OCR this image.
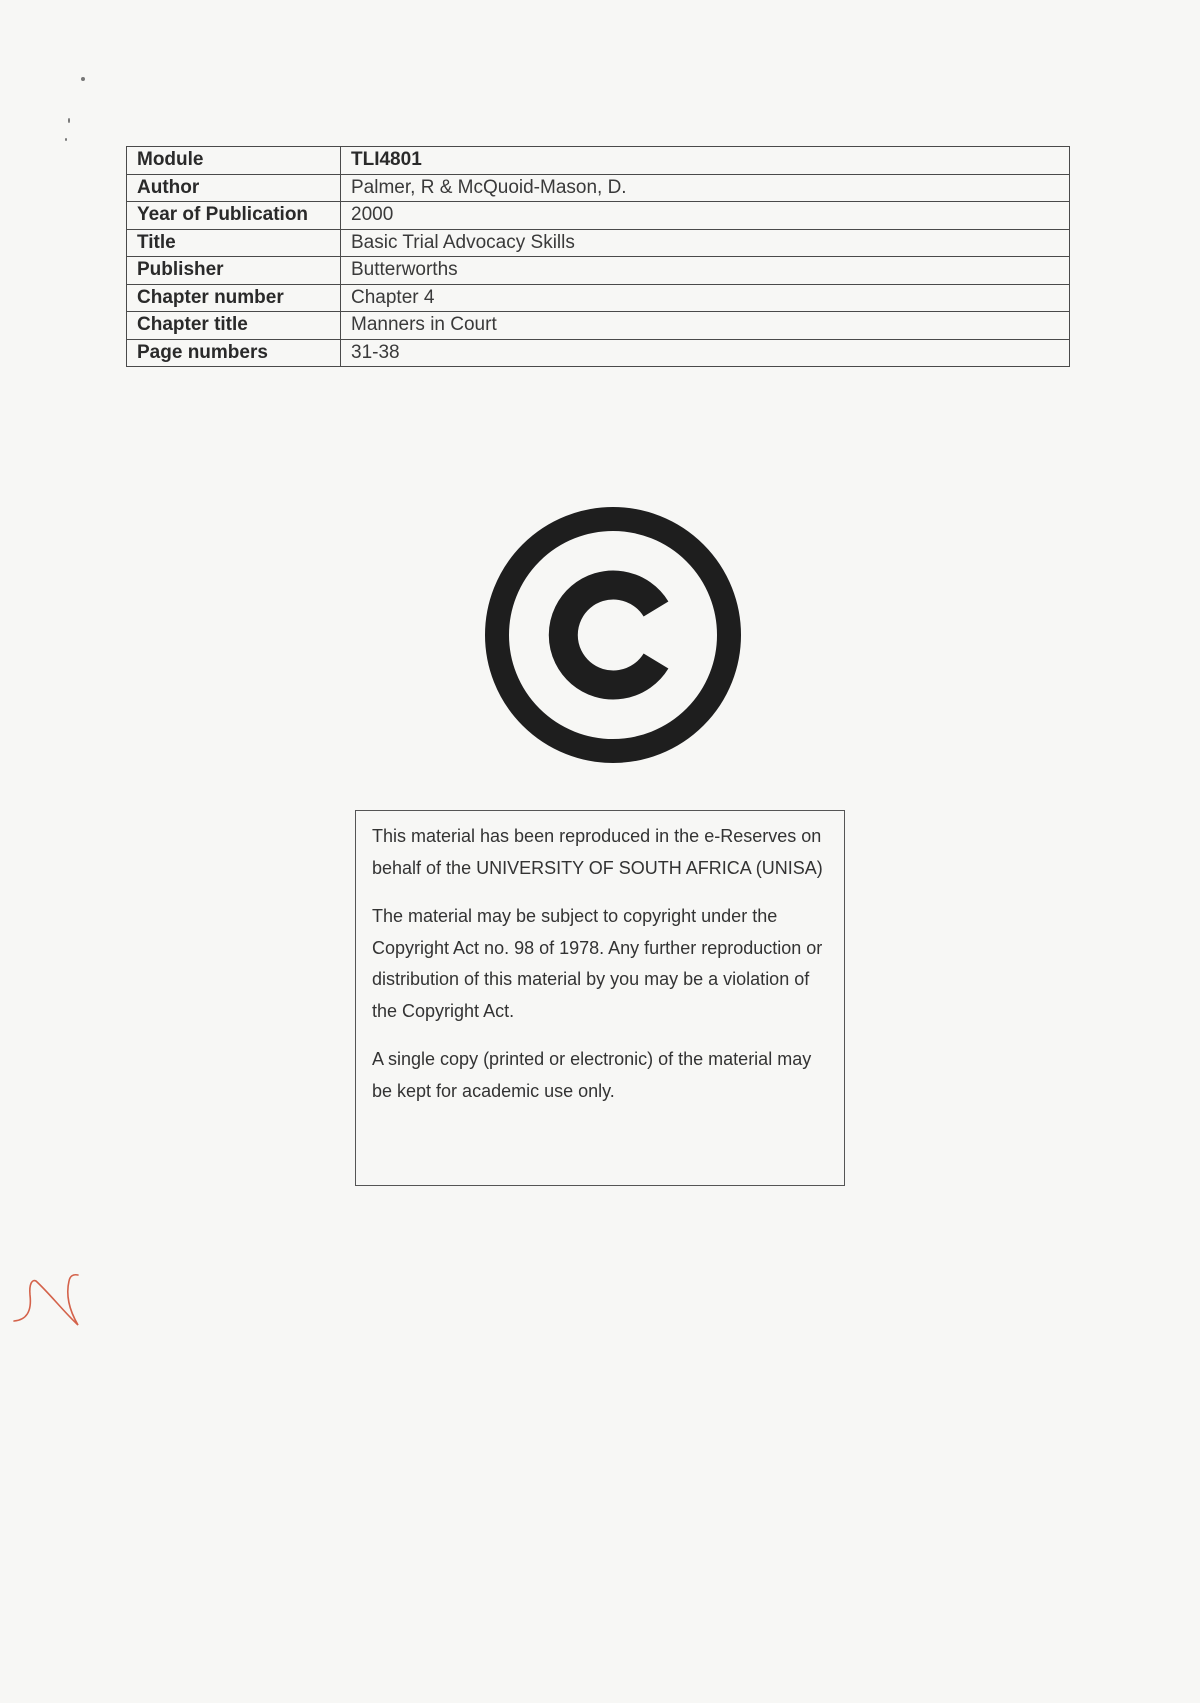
Module	TLI4801
Author	Palmer, R & McQuoid-Mason, D.
Year of Publication	2000
Title	Basic Trial Advocacy Skills
Publisher	Butterworths
Chapter number	Chapter 4
Chapter title	Manners in Court
Page numbers	31-38

This material has been reproduced in the e-Reserves on behalf of the UNIVERSITY OF SOUTH AFRICA (UNISA)

The material may be subject to copyright under the Copyright Act no. 98 of 1978. Any further reproduction or distribution of this material by you may be a violation of the Copyright Act.

A single copy (printed or electronic) of the material may be kept for academic use only.
